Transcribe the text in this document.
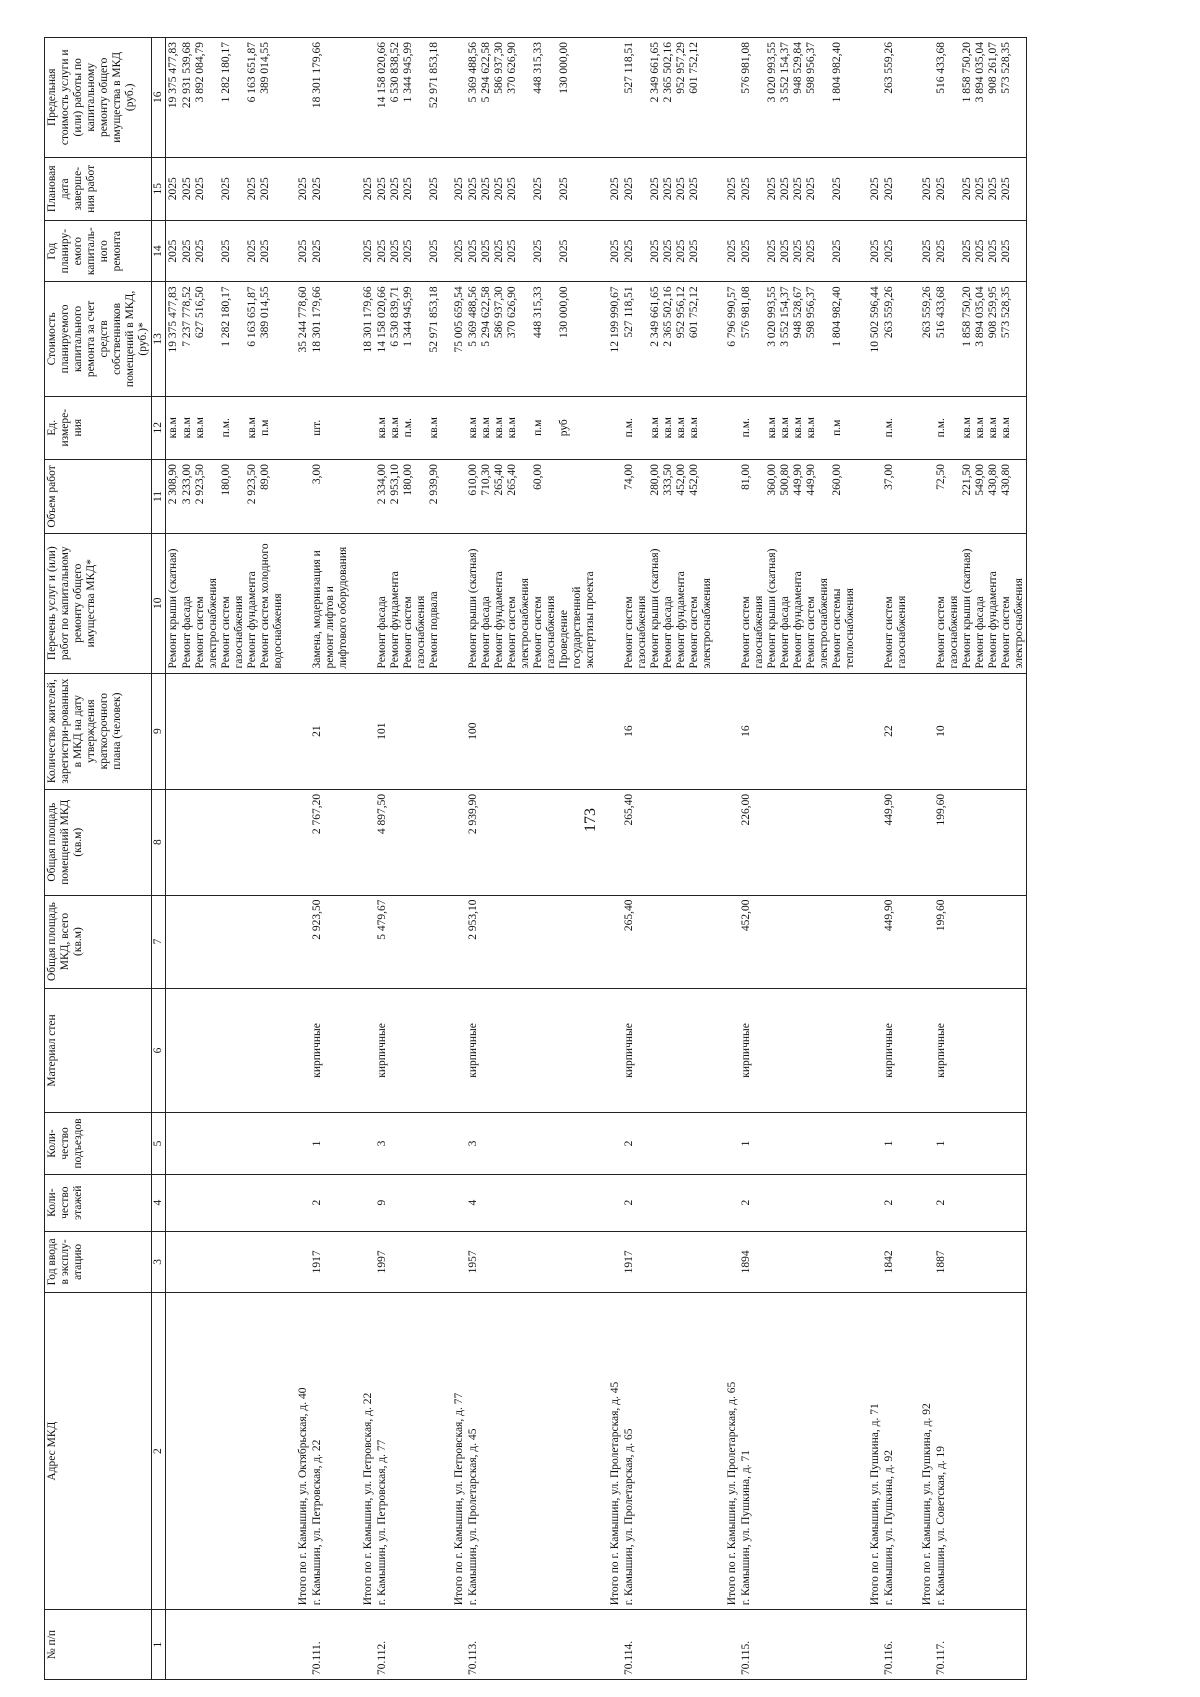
173
№ п/п	Адрес МКД	Год ввода в эксплу-атацию	Коли-чество этажей	Коли-чество подъездов	Материал стен	Общая площадь МКД, всего (кв.м)	Общая площадь помещений МКД (кв.м)	Количество жителей, зарегистри-рованных в МКД на дату утверждения краткосрочного плана (человек)	Перечень услуг и (или) работ по капитальному ремонту общего имущества МКД*	Объем работ	Ед. измере-ния	Стоимость планируемого капитального ремонта за счет средств собственников помещений в МКД, (руб.)*	Год планиру-емого капиталь-ного ремонта	Плановая дата заверше-ния работ	Предельная стоимость услуги и (или) работы по капитальному ремонту общего имущества в МКД (руб.)
1	2	3	4	5	6	7	8	9	10	11	12	13	14	15	16
									Ремонт крыши (скатная)	2 308,90	кв.м	19 375 477,83	2025	2025	19 375 477,83
									Ремонт фасада	3 233,00	кв.м	7 237 778,52	2025	2025	22 931 539,68
									Ремонт систем электроснабжения	2 923,50	кв.м	627 516,50	2025	2025	3 892 084,79
									Ремонт систем газоснабжения	180,00	п.м.	1 282 180,17	2025	2025	1 282 180,17
									Ремонт фундамента	2 923,50	кв.м	6 163 651,87	2025	2025	6 163 651,87
									Ремонт систем холодного водоснабжения	89,00	п.м	389 014,55	2025	2025	389 014,55
	Итого по г. Камышин, ул. Октябрьская, д. 40											35 244 778,60	2025	2025	
70.111.	г. Камышин, ул. Петровская, д. 22	1917	2	1	кирпичные	2 923,50	2 767,20	21	Замена, модернизация и ремонт лифтов и лифтового оборудования	3,00	шт.	18 301 179,66	2025	2025	18 301 179,66
	Итого по г. Камышин, ул. Петровская, д. 22											18 301 179,66	2025	2025	
70.112.	г. Камышин, ул. Петровская, д. 77	1997	9	3	кирпичные	5 479,67	4 897,50	101	Ремонт фасада	2 334,00	кв.м	14 158 020,66	2025	2025	14 158 020,66
									Ремонт фундамента	2 953,10	кв.м	6 530 839,71	2025	2025	6 530 838,52
									Ремонт систем газоснабжения	180,00	п.м.	1 344 945,99	2025	2025	1 344 945,99
									Ремонт подвала	2 939,90	кв.м	52 971 853,18	2025	2025	52 971 853,18
	Итого по г. Камышин, ул. Петровская, д. 77											75 005 659,54	2025	2025	
70.113.	г. Камышин, ул. Пролетарская, д. 45	1957	4	3	кирпичные	2 953,10	2 939,90	100	Ремонт крыши (скатная)	610,00	кв.м	5 369 488,56	2025	2025	5 369 488,56
									Ремонт фасада	710,30	кв.м	5 294 622,58	2025	2025	5 294 622,58
									Ремонт фундамента	265,40	кв.м	586 937,30	2025	2025	586 937,30
									Ремонт систем электроснабжения	265,40	кв.м	370 626,90	2025	2025	370 626,90
									Ремонт систем газоснабжения	60,00	п.м	448 315,33	2025	2025	448 315,33
									Проведение государственной экспертизы проекта		руб	130 000,00	2025	2025	130 000,00
	Итого по г. Камышин, ул. Пролетарская, д. 45											12 199 990,67	2025	2025	
70.114.	г. Камышин, ул. Пролетарская, д. 65	1917	2	2	кирпичные	265,40	265,40	16	Ремонт систем газоснабжения	74,00	п.м.	527 118,51	2025	2025	527 118,51
									Ремонт крыши (скатная)	280,00	кв.м	2 349 661,65	2025	2025	2 349 661,65
									Ремонт фасада	333,50	кв.м	2 365 502,16	2025	2025	2 365 502,16
									Ремонт фундамента	452,00	кв.м	952 956,12	2025	2025	952 957,29
									Ремонт систем электроснабжения	452,00	кв.м	601 752,12	2025	2025	601 752,12
	Итого по г. Камышин, ул. Пролетарская, д. 65											6 796 990,57	2025	2025	
70.115.	г. Камышин, ул. Пушкина, д. 71	1894	2	1	кирпичные	452,00	226,00	16	Ремонт систем газоснабжения	81,00	п.м.	576 981,08	2025	2025	576 981,08
									Ремонт крыши (скатная)	360,00	кв.м	3 020 993,55	2025	2025	3 020 993,55
									Ремонт фасада	500,80	кв.м	3 552 154,37	2025	2025	3 552 154,37
									Ремонт фундамента	449,90	кв.м	948 528,67	2025	2025	948 529,84
									Ремонт систем электроснабжения	449,90	кв.м	598 956,37	2025	2025	598 956,37
									Ремонт системы теплоснабжения	260,00	п.м	1 804 982,40	2025	2025	1 804 982,40
	Итого по г. Камышин, ул. Пушкина, д. 71											10 502 596,44	2025	2025	
70.116.	г. Камышин, ул. Пушкина, д. 92	1842	2	1	кирпичные	449,90	449,90	22	Ремонт систем газоснабжения	37,00	п.м.	263 559,26	2025	2025	263 559,26
	Итого по г. Камышин, ул. Пушкина, д. 92											263 559,26	2025	2025	
70.117.	г. Камышин, ул. Советская, д. 19	1887	2	1	кирпичные	199,60	199,60	10	Ремонт систем газоснабжения	72,50	п.м.	516 433,68	2025	2025	516 433,68
									Ремонт крыши (скатная)	221,50	кв.м	1 858 750,20	2025	2025	1 858 750,20
									Ремонт фасада	549,00	кв.м	3 894 035,04	2025	2025	3 894 035,04
									Ремонт фундамента	430,80	кв.м	908 259,95	2025	2025	908 261,07
									Ремонт систем электроснабжения	430,80	кв.м	573 528,35	2025	2025	573 528,35
